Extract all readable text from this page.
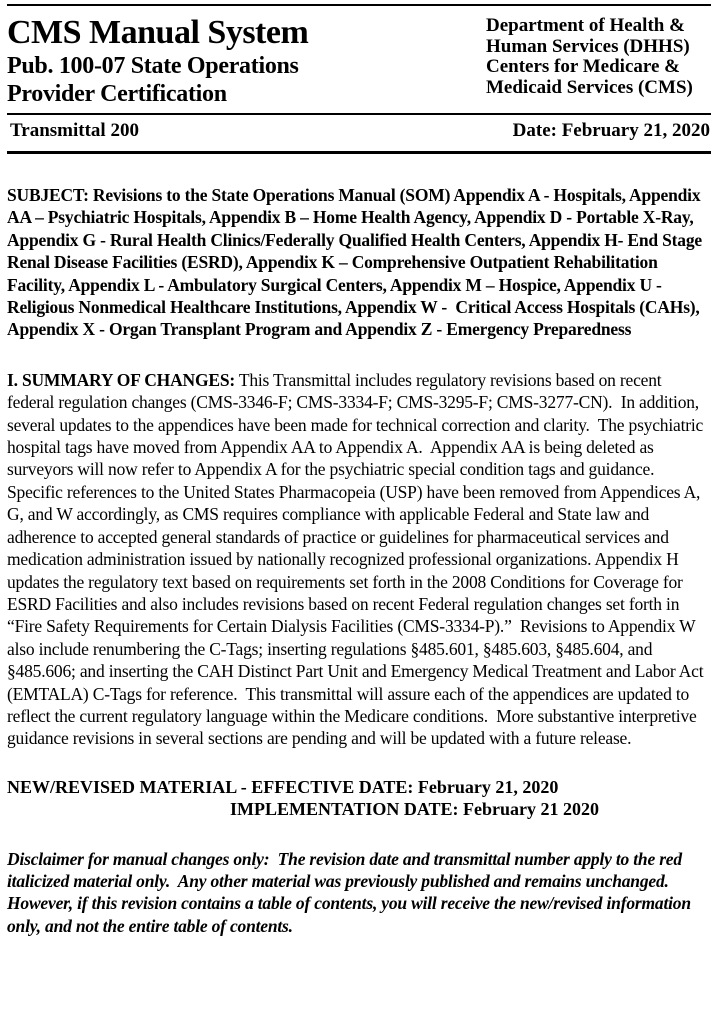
CMS Manual System
Pub. 100-07 State Operations
Provider Certification
Department of Health &
Human Services (DHHS)
Centers for Medicare &
Medicaid Services (CMS)
Transmittal 200	Date: February 21, 2020

SUBJECT: Revisions to the State Operations Manual (SOM) Appendix A - Hospitals, Appendix AA – Psychiatric Hospitals, Appendix B – Home Health Agency, Appendix D - Portable X-Ray, Appendix G - Rural Health Clinics/Federally Qualified Health Centers, Appendix H- End Stage Renal Disease Facilities (ESRD), Appendix K – Comprehensive Outpatient Rehabilitation Facility, Appendix L - Ambulatory Surgical Centers, Appendix M – Hospice, Appendix U - Religious Nonmedical Healthcare Institutions, Appendix W -  Critical Access Hospitals (CAHs), Appendix X - Organ Transplant Program and Appendix Z - Emergency Preparedness

I. SUMMARY OF CHANGES: This Transmittal includes regulatory revisions based on recent federal regulation changes (CMS-3346-F; CMS-3334-F; CMS-3295-F; CMS-3277-CN).  In addition, several updates to the appendices have been made for technical correction and clarity.  The psychiatric hospital tags have moved from Appendix AA to Appendix A.  Appendix AA is being deleted as surveyors will now refer to Appendix A for the psychiatric special condition tags and guidance.  Specific references to the United States Pharmacopeia (USP) have been removed from Appendices A, G, and W accordingly, as CMS requires compliance with applicable Federal and State law and adherence to accepted general standards of practice or guidelines for pharmaceutical services and medication administration issued by nationally recognized professional organizations. Appendix H updates the regulatory text based on requirements set forth in the 2008 Conditions for Coverage for ESRD Facilities and also includes revisions based on recent Federal regulation changes set forth in “Fire Safety Requirements for Certain Dialysis Facilities (CMS-3334-P).”  Revisions to Appendix W also include renumbering the C-Tags; inserting regulations §485.601, §485.603, §485.604, and §485.606; and inserting the CAH Distinct Part Unit and Emergency Medical Treatment and Labor Act (EMTALA) C-Tags for reference.  This transmittal will assure each of the appendices are updated to reflect the current regulatory language within the Medicare conditions.  More substantive interpretive guidance revisions in several sections are pending and will be updated with a future release.

NEW/REVISED MATERIAL - EFFECTIVE DATE: February 21, 2020
IMPLEMENTATION DATE: February 21 2020

Disclaimer for manual changes only:  The revision date and transmittal number apply to the red italicized material only.  Any other material was previously published and remains unchanged.  However, if this revision contains a table of contents, you will receive the new/revised information only, and not the entire table of contents.
